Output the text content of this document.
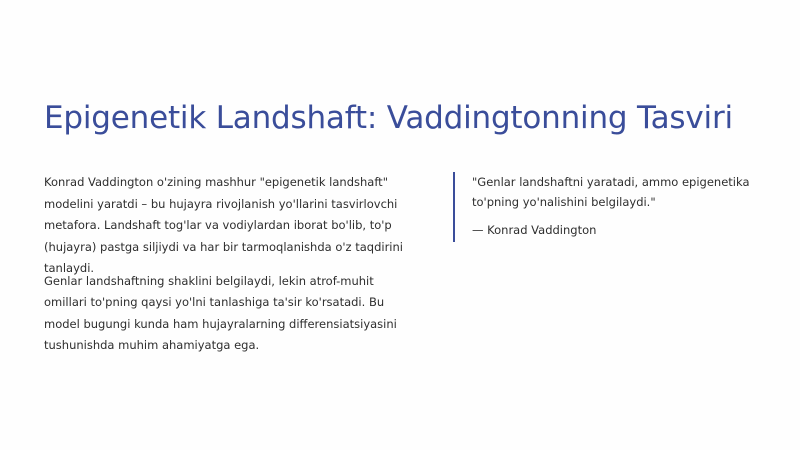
Epigenetik Landshaft: Vaddingtonning Tasviri

Konrad Vaddington o'zining mashhur "epigenetik landshaft" modelini yaratdi – bu hujayra rivojlanish yo'llarini tasvirlovchi metafora. Landshaft tog'lar va vodiylardan iborat bo'lib, to'p (hujayra) pastga siljiydi va har bir tarmoqlanishda o'z taqdirini tanlaydi.

Genlar landshaftning shaklini belgilaydi, lekin atrof-muhit omillari to'pning qaysi yo'lni tanlashiga ta'sir ko'rsatadi. Bu model bugungi kunda ham hujayralarning differensiatsiyasini tushunishda muhim ahamiyatga ega.

"Genlar landshaftni yaratadi, ammo epigenetika to'pning yo'nalishini belgilaydi."

— Konrad Vaddington
